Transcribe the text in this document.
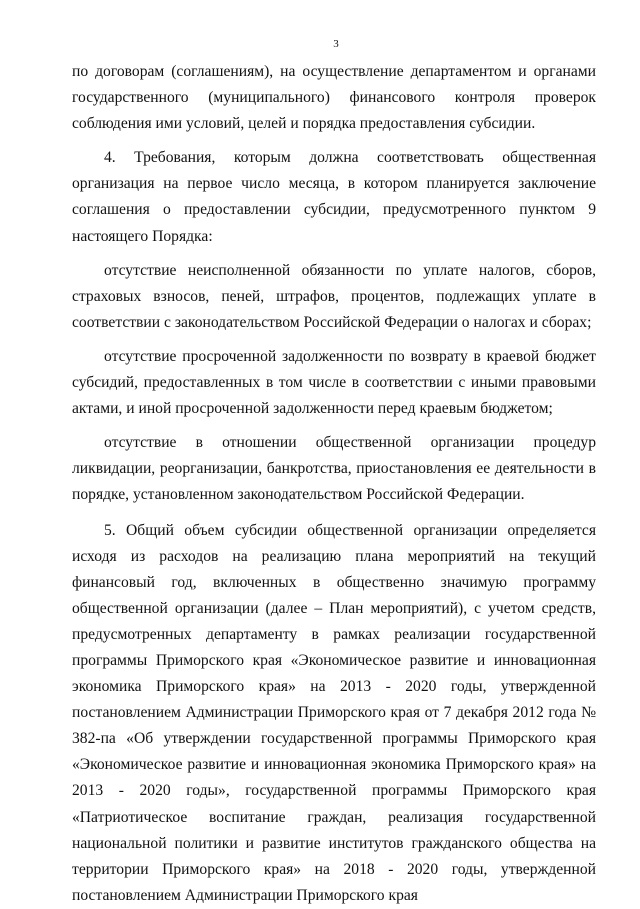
3

по договорам (соглашениям), на осуществление департаментом и органами государственного (муниципального) финансового контроля проверок соблюдения ими условий, целей и порядка предоставления субсидии.

4. Требования, которым должна соответствовать общественная организация на первое число месяца, в котором планируется заключение соглашения о предоставлении субсидии, предусмотренного пунктом 9 настоящего Порядка:

отсутствие неисполненной обязанности по уплате налогов, сборов, страховых взносов, пеней, штрафов, процентов, подлежащих уплате в соответствии с законодательством Российской Федерации о налогах и сборах;

отсутствие просроченной задолженности по возврату в краевой бюджет субсидий, предоставленных в том числе в соответствии с иными правовыми актами, и иной просроченной задолженности перед краевым бюджетом;

отсутствие в отношении общественной организации процедур ликвидации, реорганизации, банкротства, приостановления ее деятельности в порядке, установленном законодательством Российской Федерации.

5. Общий объем субсидии общественной организации определяется исходя из расходов на реализацию плана мероприятий на текущий финансовый год, включенных в общественно значимую программу общественной организации (далее – План мероприятий), с учетом средств, предусмотренных департаменту в рамках реализации государственной программы Приморского края «Экономическое развитие и инновационная экономика Приморского края» на 2013 - 2020 годы, утвержденной постановлением Администрации Приморского края от 7 декабря 2012 года № 382-па «Об утверждении государственной программы Приморского края «Экономическое развитие и инновационная экономика Приморского края» на 2013 - 2020 годы», государственной программы Приморского края «Патриотическое воспитание граждан, реализация государственной национальной политики и развитие институтов гражданского общества на территории Приморского края» на 2018 - 2020 годы, утвержденной постановлением Администрации Приморского края
